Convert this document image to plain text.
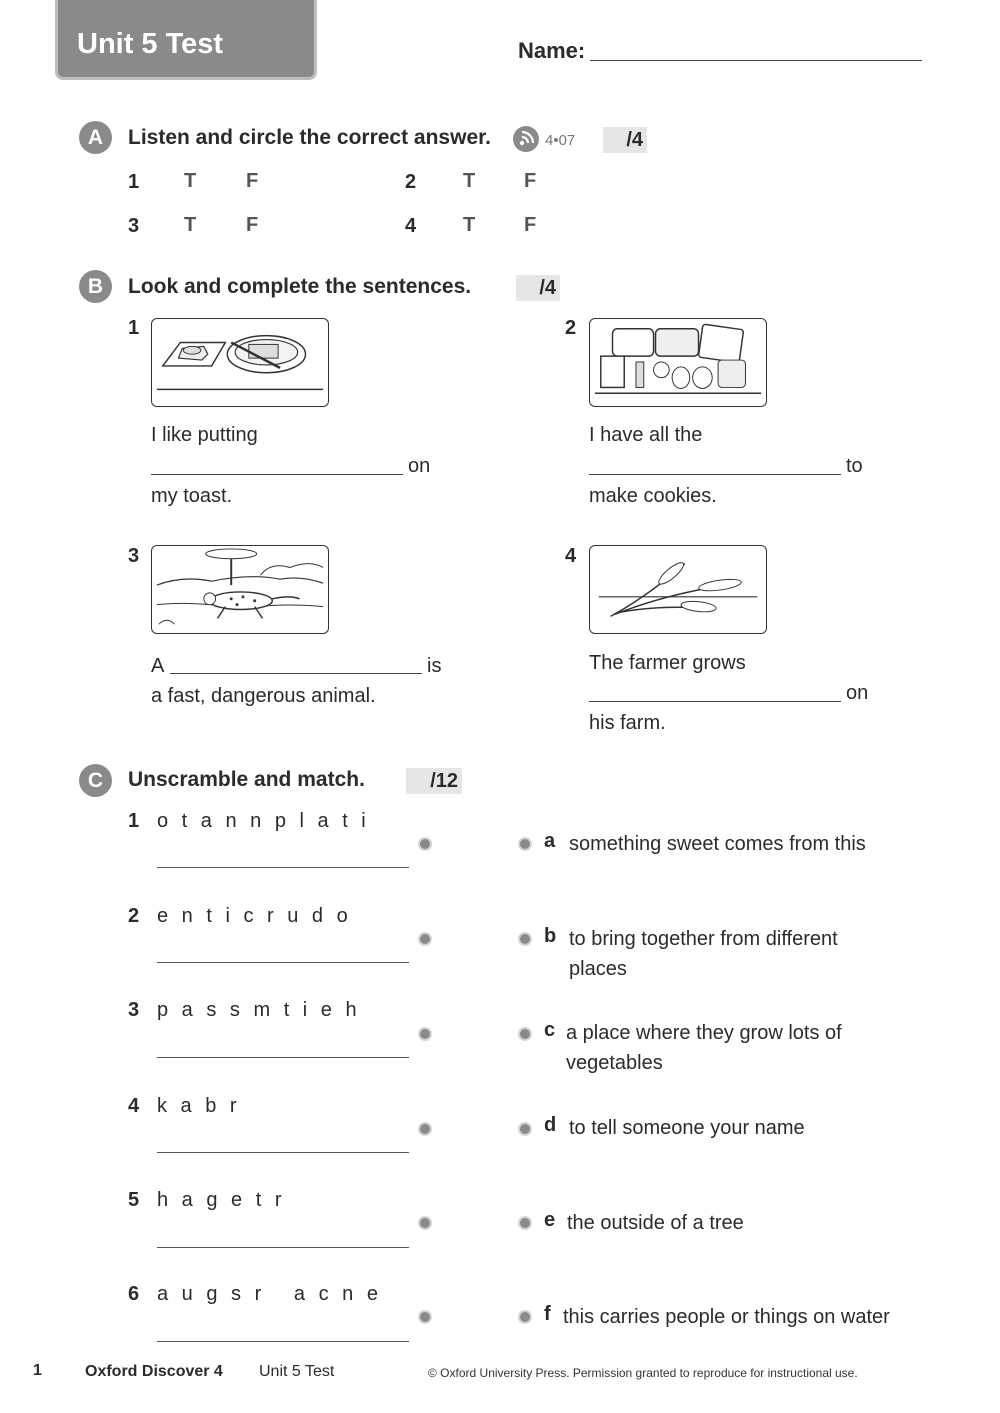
Unit 5 Test	Name:
A	Listen and circle the correct answer.	4•07	/4
1 T F	2 T F
3 T F	4 T F
B	Look and complete the sentences.	/4
1
I like putting
on
my toast.
2
I have all the
to
make cookies.
3
A	is
a fast, dangerous animal.
4
The farmer grows
on
his farm.
C	Unscramble and match.	/12
1 o t a n n p l a t i
2 e n t i c r u d o
3 p a s s m t i e h
4 k a b r
5 h a g e t r
6 a u g s r   a c n e
a something sweet comes from this
b to bring together from different
places
c a place where they grow lots of
vegetables
d to tell someone your name
e the outside of a tree
f this carries people or things on water
1	Oxford Discover 4 Unit 5 Test	© Oxford University Press. Permission granted to reproduce for instructional use.
